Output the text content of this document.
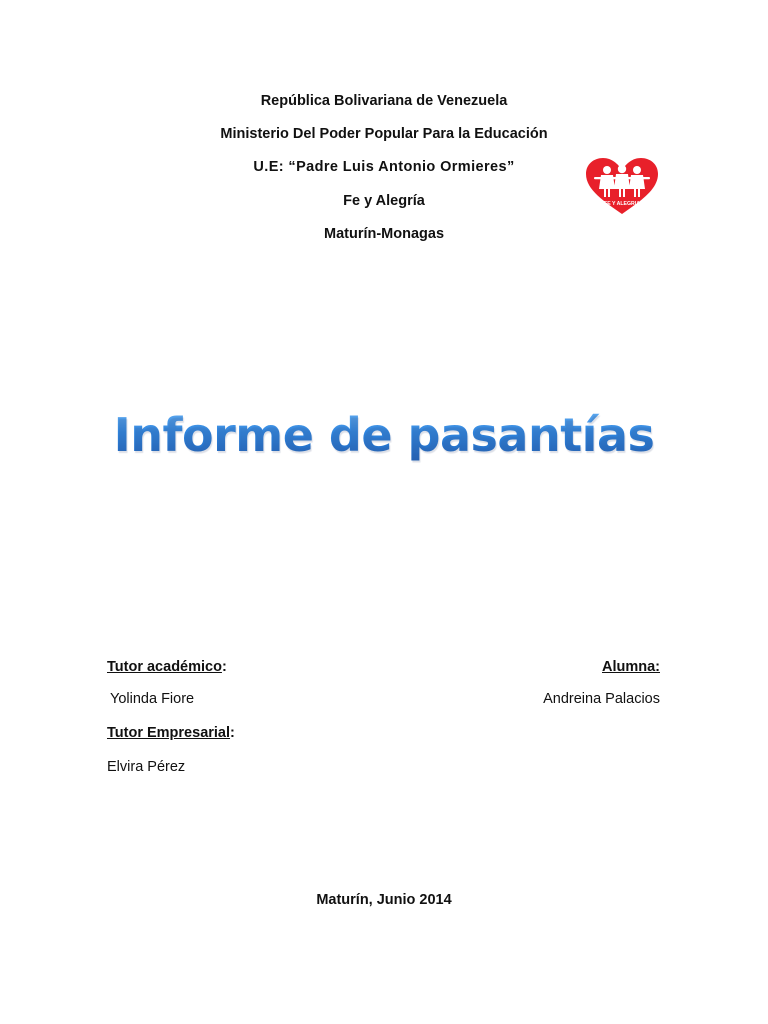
República Bolivariana de Venezuela
Ministerio Del Poder Popular Para la Educación
U.E: “Padre Luis Antonio Ormieres”
Fe y Alegría
Maturín-Monagas
FE Y ALEGRIA
Informe de pasantías
Tutor académico:
Yolinda Fiore
Tutor Empresarial:
Elvira Pérez
Alumna:
Andreina Palacios
Maturín, Junio 2014
